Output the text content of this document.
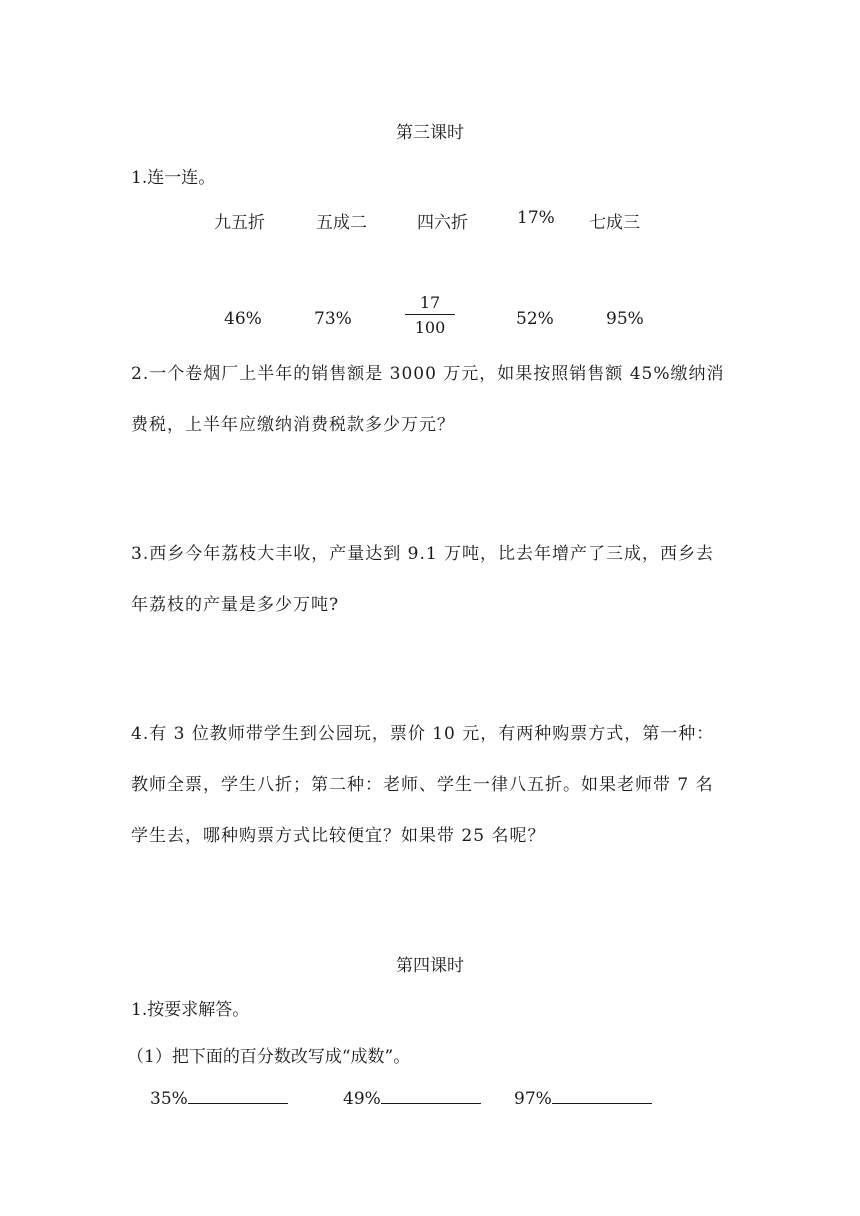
第三课时
1.连一连。
九五折	五成二	四六折	17% 七成三
46%	73%	$\frac{17}{100}$	52%	95%
2.一个卷烟厂上半年的销售额是 3000 万元，如果按照销售额 45%缴纳消费税，上半年应缴纳消费税款多少万元？
3.西乡今年荔枝大丰收，产量达到 9.1 万吨，比去年增产了三成，西乡去年荔枝的产量是多少万吨?
4.有 3 位教师带学生到公园玩，票价 10 元，有两种购票方式，第一种：教师全票，学生八折；第二种：老师、学生一律八五折。如果老师带 7 名学生去，哪种购票方式比较便宜？如果带 25 名呢？
第四课时
1.按要求解答。
（1）把下面的百分数改写成“成数”。
35%	49%	97%
